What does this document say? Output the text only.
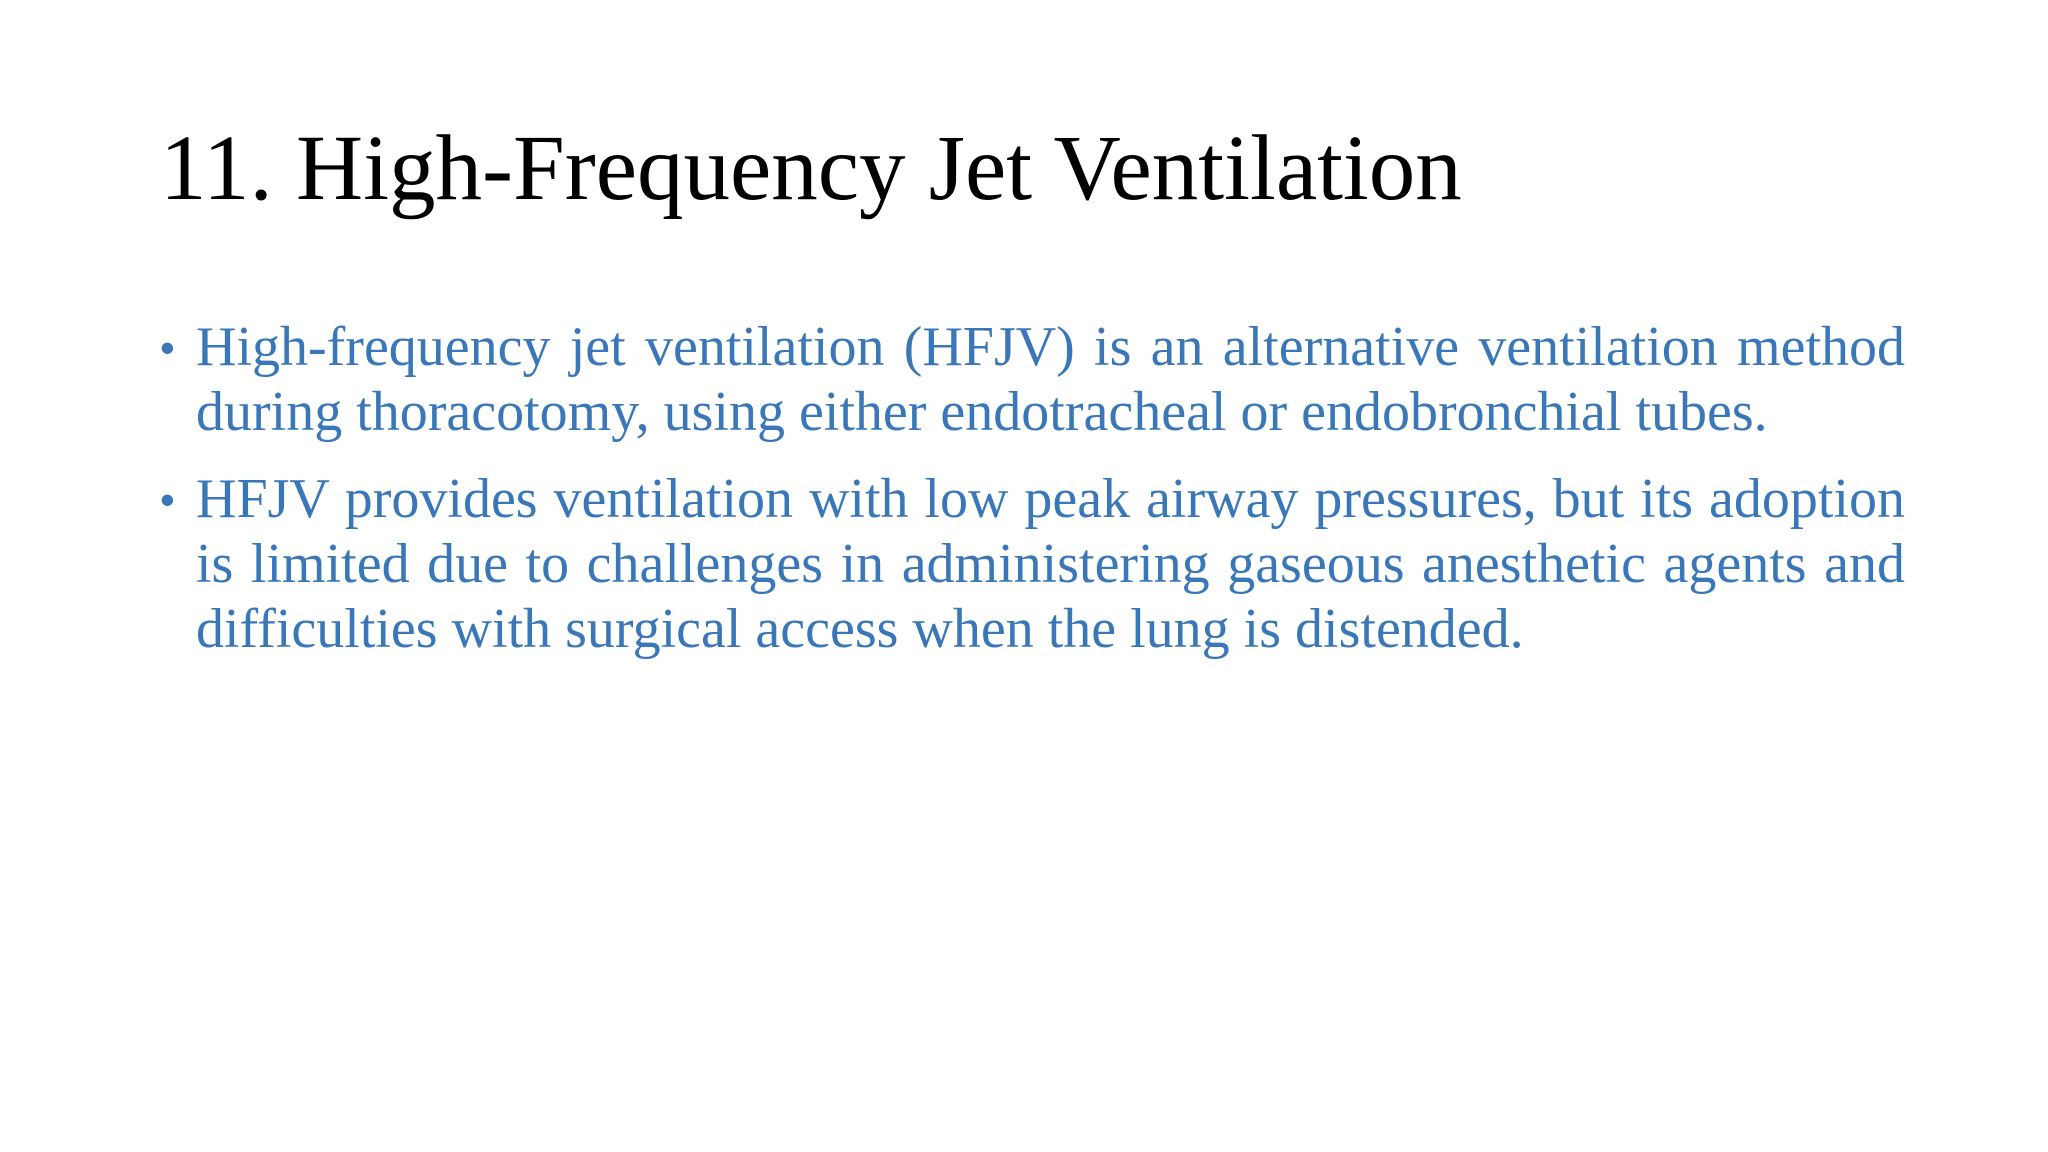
11. High-Frequency Jet Ventilation
• High-frequency jet ventilation (HFJV) is an alternative ventilation method during thoracotomy, using either endotracheal or endobronchial tubes.
• HFJV provides ventilation with low peak airway pressures, but its adoption is limited due to challenges in administering gaseous anesthetic agents and difficulties with surgical access when the lung is distended.
